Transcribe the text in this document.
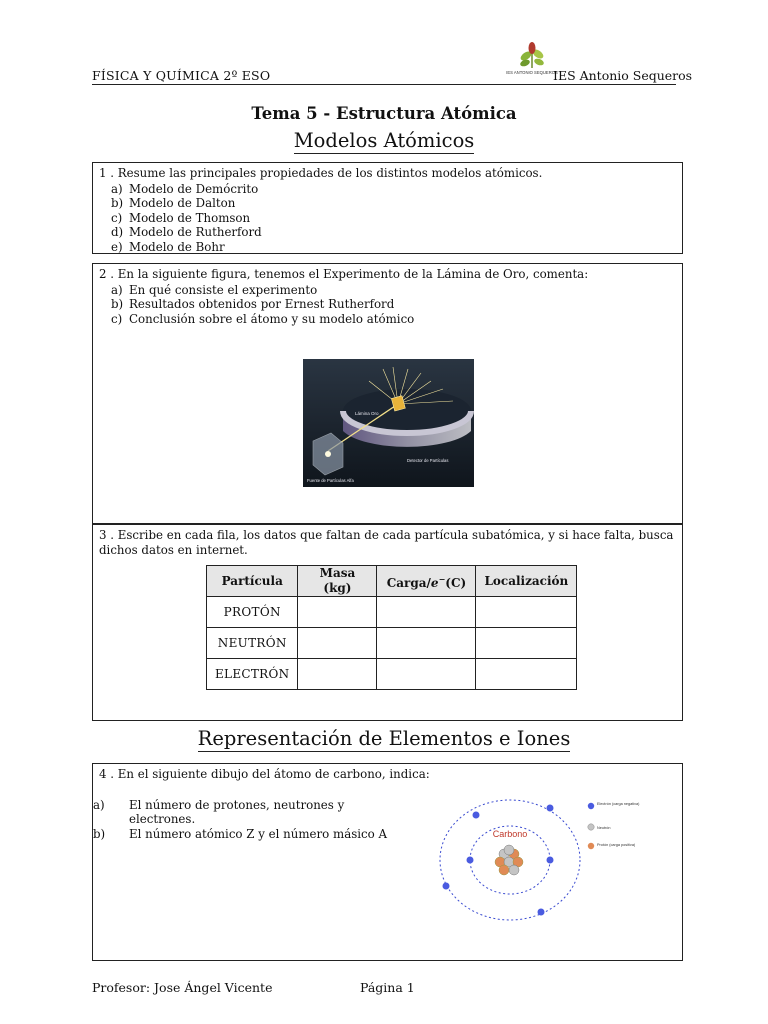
FÍSICA Y QUÍMICA 2º ESO	IES ANTONIO SEQUEROS
IES Antonio Sequeros
Tema 5 - Estructura Atómica
Modelos Atómicos
1 . Resume las principales propiedades de los distintos modelos atómicos.
a) Modelo de Demócrito
b) Modelo de Dalton
c) Modelo de Thomson
d) Modelo de Rutherford
e) Modelo de Bohr
2 . En la siguiente figura, tenemos el Experimento de la Lámina de Oro, comenta:
a) En qué consiste el experimento
b) Resultados obtenidos por Ernest Rutherford
c) Conclusión sobre el átomo y su modelo atómico
Lámina Oro
Detector de Partículas
Fuente de Partículas Alfa
3 . Escribe en cada fila, los datos que faltan de cada partícula subatómica, y si hace falta, busca dichos datos en internet.
Partícula	Masa (kg)	Carga/e−(C)	Localización
PROTÓN			
NEUTRÓN			
ELECTRÓN			
Representación de Elementos e Iones
4 . En el siguiente dibujo del átomo de carbono, indica:
a) El número de protones, neutrones y electrones.
b) El número atómico Z y el número másico A	Carbono
Electrón (carga negativa)
Neutrón
Protón (carga positiva)
Profesor: Jose Ángel Vicente	Página 1
